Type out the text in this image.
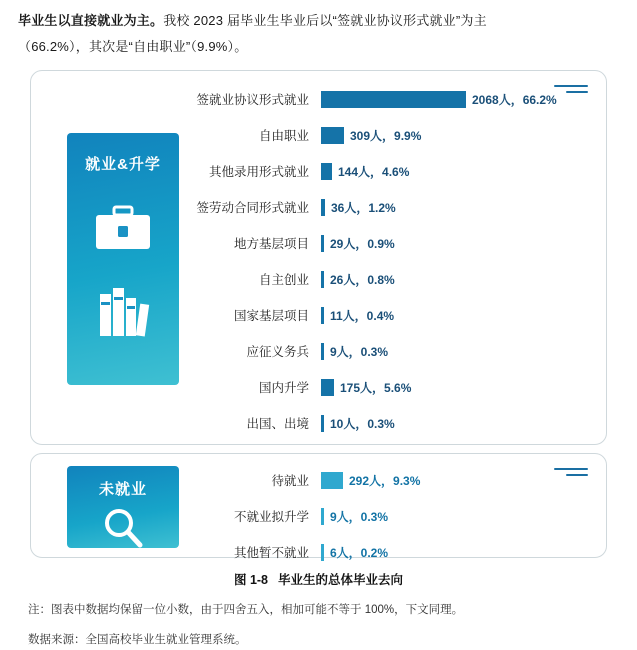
毕业生以直接就业为主。我校 2023 届毕业生毕业后以“签就业协议形式就业”为主
（66.2%），其次是“自由职业”（9.9%）。
就业&升学
签就业协议形式就业	2068人，66.2%
自由职业	309人，9.9%
其他录用形式就业	144人，4.6%
签劳动合同形式就业	36人，1.2%
地方基层项目	29人，0.9%
自主创业	26人，0.8%
国家基层项目	11人，0.4%
应征义务兵	9人，0.3%
国内升学	175人，5.6%
出国、出境	10人，0.3%
未就业	待就业	292人，9.3%
不就业拟升学	9人，0.3%
其他暂不就业	6人，0.2%
图 1-8 毕业生的总体毕业去向
注：图表中数据均保留一位小数，由于四舍五入，相加可能不等于 100%，下文同理。
数据来源：全国高校毕业生就业管理系统。
